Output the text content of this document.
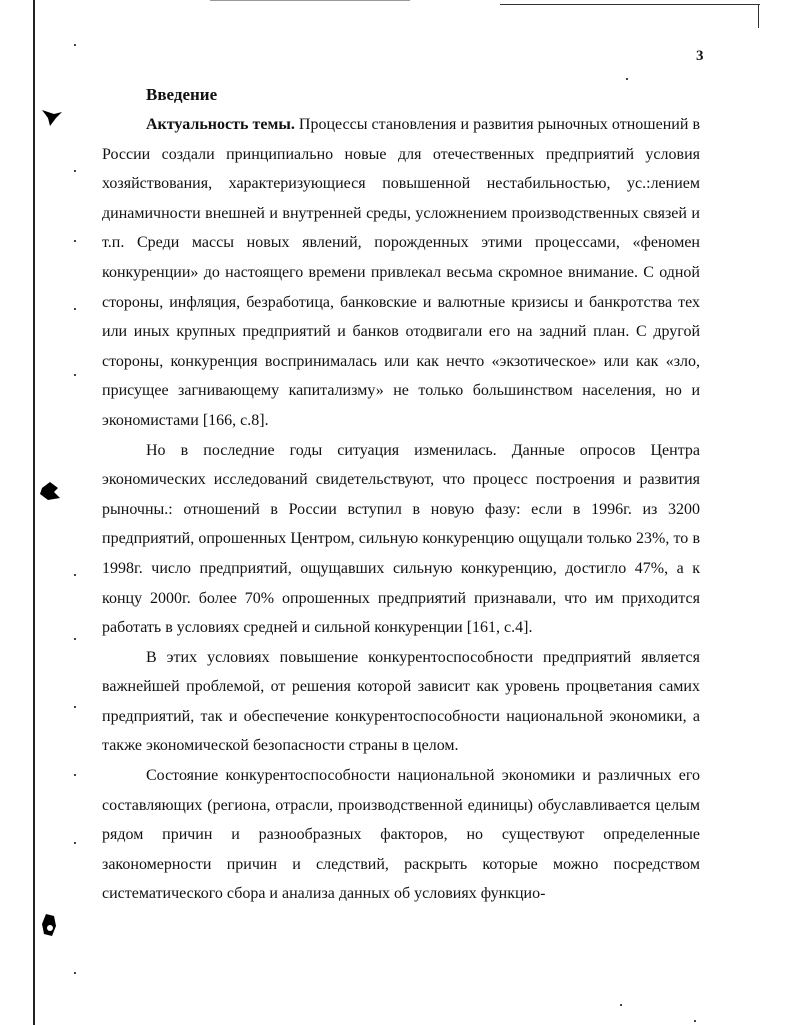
3
Введение

Актуальность темы. Процессы становления и развития рыночных отношений в России создали принципиально новые для отечественных предприятий условия хозяйствования, характеризующиеся повышенной нестабильностью, ус.:лением динамичности внешней и внутренней среды, усложнением производственных связей и т.п. Среди массы новых явлений, порожденных этими процессами, «феномен конкуренции» до настоящего времени привлекал весьма скромное внимание. С одной стороны, инфляция, безработица, банковские и валютные кризисы и банкротства тех или иных крупных предприятий и банков отодвигали его на задний план. С другой стороны, конкуренция воспринималась или как нечто «экзотическое» или как «зло, присущее загнивающему капитализму» не только большинством населения, но и экономистами [166, с.8].

Но в последние годы ситуация изменилась. Данные опросов Центра экономических исследований свидетельствуют, что процесс построения и развития рыночны.: отношений в России вступил в новую фазу: если в 1996г. из 3200 предприятий, опрошенных Центром, сильную конкуренцию ощущали только 23%, то в 1998г. число предприятий, ощущавших сильную конкуренцию, достигло 47%, а к концу 2000г. более 70% опрошенных предприятий признавали, что им приходится работать в условиях средней и сильной конкуренции [161, с.4].

В этих условиях повышение конкурентоспособности предприятий является важнейшей проблемой, от решения которой зависит как уровень процветания самих предприятий, так и обеспечение конкурентоспособности национальной экономики, а также экономической безопасности страны в целом.

Состояние конкурентоспособности национальной экономики и различных его составляющих (региона, отрасли, производственной единицы) обуславливается целым рядом причин и разнообразных факторов, но существуют определенные закономерности причин и следствий, раскрыть которые можно посредством систематического сбора и анализа данных об условиях функцио-
